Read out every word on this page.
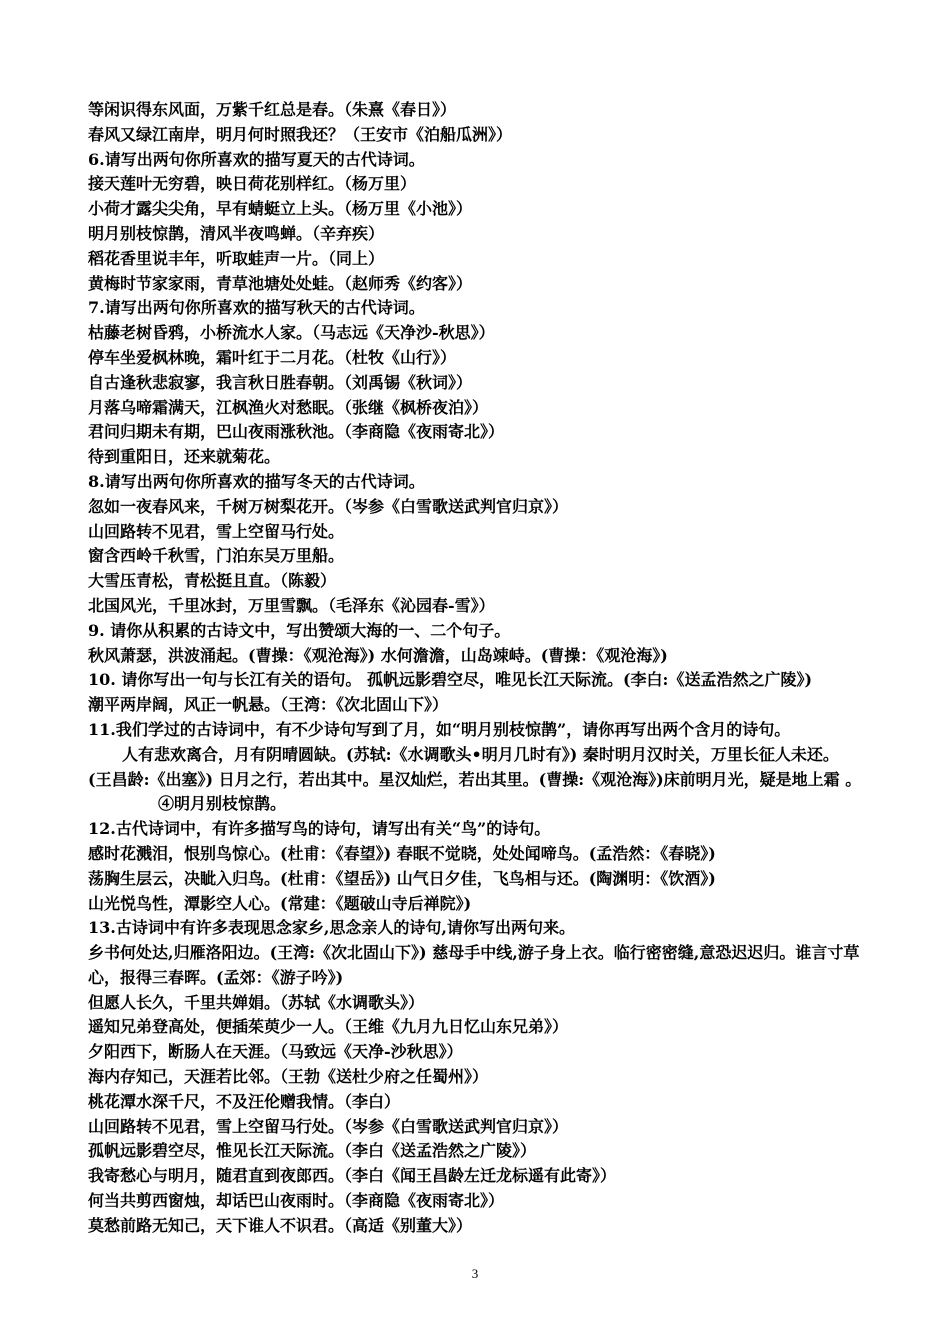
等闲识得东风面，万紫千红总是春。（朱熹《春日》）
春风又绿江南岸，明月何时照我还？（王安市《泊船瓜洲》）
6.请写出两句你所喜欢的描写夏天的古代诗词。
接天莲叶无穷碧，映日荷花别样红。（杨万里）
小荷才露尖尖角，早有蜻蜓立上头。（杨万里《小池》）
明月别枝惊鹊，清风半夜鸣蝉。（辛弃疾）
稻花香里说丰年，听取蛙声一片。（同上）
黄梅时节家家雨，青草池塘处处蛙。（赵师秀《约客》）
7.请写出两句你所喜欢的描写秋天的古代诗词。
枯藤老树昏鸦，小桥流水人家。（马志远《天净沙-秋思》）
停车坐爱枫林晚，霜叶红于二月花。（杜牧《山行》）
自古逢秋悲寂寥，我言秋日胜春朝。（刘禹锡《秋词》）
月落乌啼霜满天，江枫渔火对愁眠。（张继《枫桥夜泊》）
君问归期未有期，巴山夜雨涨秋池。（李商隐《夜雨寄北》）
待到重阳日，还来就菊花。
8.请写出两句你所喜欢的描写冬天的古代诗词。
忽如一夜春风来，千树万树梨花开。（岑参《白雪歌送武判官归京》）
山回路转不见君，雪上空留马行处。
窗含西岭千秋雪，门泊东吴万里船。
大雪压青松，青松挺且直。（陈毅）
北国风光，千里冰封，万里雪飘。（毛泽东《沁园春-雪》）
9. 请你从积累的古诗文中，写出赞颂大海的一、二个句子。
秋风萧瑟，洪波涌起。(曹操：《观沧海》) 水何澹澹，山岛竦峙。(曹操：《观沧海》)
10. 请你写出一句与长江有关的语句。 孤帆远影碧空尽，唯见长江天际流。(李白:《送孟浩然之广陵》)
潮平两岸阔，风正一帆悬。（王湾：《次北固山下》）
11.我们学过的古诗词中，有不少诗句写到了月，如“明月别枝惊鹊”，请你再写出两个含月的诗句。
人有悲欢离合，月有阴晴圆缺。(苏轼:《水调歌头•明月几时有》) 秦时明月汉时关，万里长征人未还。
(王昌龄:《出塞》) 日月之行，若出其中。星汉灿烂，若出其里。(曹操:《观沧海》)床前明月光，疑是地上霜 。
④明月别枝惊鹊。
12.古代诗词中，有许多描写鸟的诗句，请写出有关“鸟”的诗句。
感时花溅泪，恨别鸟惊心。(杜甫：《春望》) 春眠不觉晓，处处闻啼鸟。(孟浩然：《春晓》)
荡胸生层云，决眦入归鸟。(杜甫：《望岳》) 山气日夕佳，飞鸟相与还。(陶渊明：《饮酒》)
山光悦鸟性，潭影空人心。(常建：《题破山寺后禅院》)
13.古诗词中有许多表现思念家乡,思念亲人的诗句,请你写出两句来。
乡书何处达,归雁洛阳边。(王湾:《次北固山下》) 慈母手中线,游子身上衣。临行密密缝,意恐迟迟归。谁言寸草心，报得三春晖。(孟郊：《游子吟》)
但愿人长久，千里共婵娟。（苏轼《水调歌头》）
遥知兄弟登高处，便插茱萸少一人。（王维《九月九日忆山东兄弟》）
夕阳西下，断肠人在天涯。（马致远《天净-沙秋思》）
海内存知己，天涯若比邻。（王勃《送杜少府之任蜀州》）
桃花潭水深千尺，不及汪伦赠我情。（李白）
山回路转不见君，雪上空留马行处。（岑参《白雪歌送武判官归京》）
孤帆远影碧空尽，惟见长江天际流。（李白《送孟浩然之广陵》）
我寄愁心与明月，随君直到夜郎西。（李白《闻王昌龄左迁龙标遥有此寄》）
何当共剪西窗烛，却话巴山夜雨时。（李商隐《夜雨寄北》）
莫愁前路无知己，天下谁人不识君。（高适《别董大》）
3
